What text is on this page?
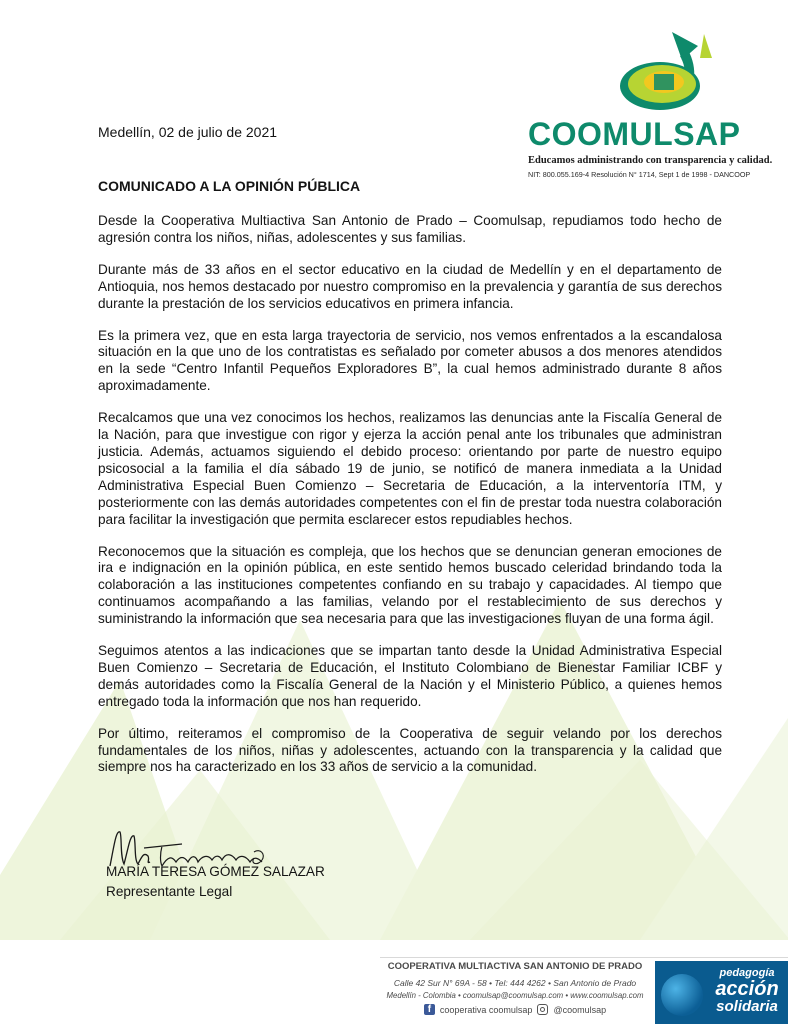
COOMULSAP
Educamos administrando con transparencia y calidad.
NIT: 800.055.169-4 Resolución N° 1714, Sept 1 de 1998 - DANCOOP
Medellín, 02 de julio de 2021
COMUNICADO A LA OPINIÓN PÚBLICA

Desde la Cooperativa Multiactiva San Antonio de Prado – Coomulsap, repudiamos todo hecho de agresión contra los niños, niñas, adolescentes y sus familias.

Durante más de 33 años en el sector educativo en la ciudad de Medellín y en el departamento de Antioquia, nos hemos destacado por nuestro compromiso en la prevalencia y garantía de sus derechos durante la prestación de los servicios educativos en primera infancia.

Es la primera vez, que en esta larga trayectoria de servicio, nos vemos enfrentados a la escandalosa situación en la que uno de los contratistas es señalado por cometer abusos a dos menores atendidos en la sede “Centro Infantil Pequeños Exploradores B”, la cual hemos administrado durante 8 años aproximadamente.

Recalcamos que una vez conocimos los hechos, realizamos las denuncias ante la Fiscalía General de la Nación, para que investigue con rigor y ejerza la acción penal ante los tribunales que administran justicia. Además, actuamos siguiendo el debido proceso: orientando por parte de nuestro equipo psicosocial a la familia el día sábado 19 de junio, se notificó de manera inmediata a la Unidad Administrativa Especial Buen Comienzo – Secretaria de Educación, a la interventoría ITM, y posteriormente con las demás autoridades competentes con el fin de prestar toda nuestra colaboración para facilitar la investigación que permita esclarecer estos repudiables hechos.

Reconocemos que la situación es compleja, que los hechos que se denuncian generan emociones de ira e indignación en la opinión pública, en este sentido hemos buscado celeridad brindando toda la colaboración a las instituciones competentes confiando en su trabajo y capacidades. Al tiempo que continuamos acompañando a las familias, velando por el restablecimiento de sus derechos y suministrando la información que sea necesaria para que las investigaciones fluyan de una forma ágil.

Seguimos atentos a las indicaciones que se impartan tanto desde la Unidad Administrativa Especial Buen Comienzo – Secretaria de Educación, el Instituto Colombiano de Bienestar Familiar ICBF y demás autoridades como la Fiscalía General de la Nación y el Ministerio Público, a quienes hemos entregado toda la información que nos han requerido.

Por último, reiteramos el compromiso de la Cooperativa de seguir velando por los derechos fundamentales de los niños, niñas y adolescentes, actuando con la transparencia y la calidad que siempre nos ha caracterizado en los 33 años de servicio a la comunidad.

MARÍA TERESA GÓMEZ SALAZAR
Representante Legal
COOPERATIVA MULTIACTIVA SAN ANTONIO DE PRADO
Calle 42 Sur N° 69A - 58 • Tel: 444 4262 • San Antonio de Prado
Medellín - Colombia • coomulsap@coomulsap.com • www.coomulsap.com
f cooperativa coomulsap @coomulsap
pedagogía
acción
solidaria
